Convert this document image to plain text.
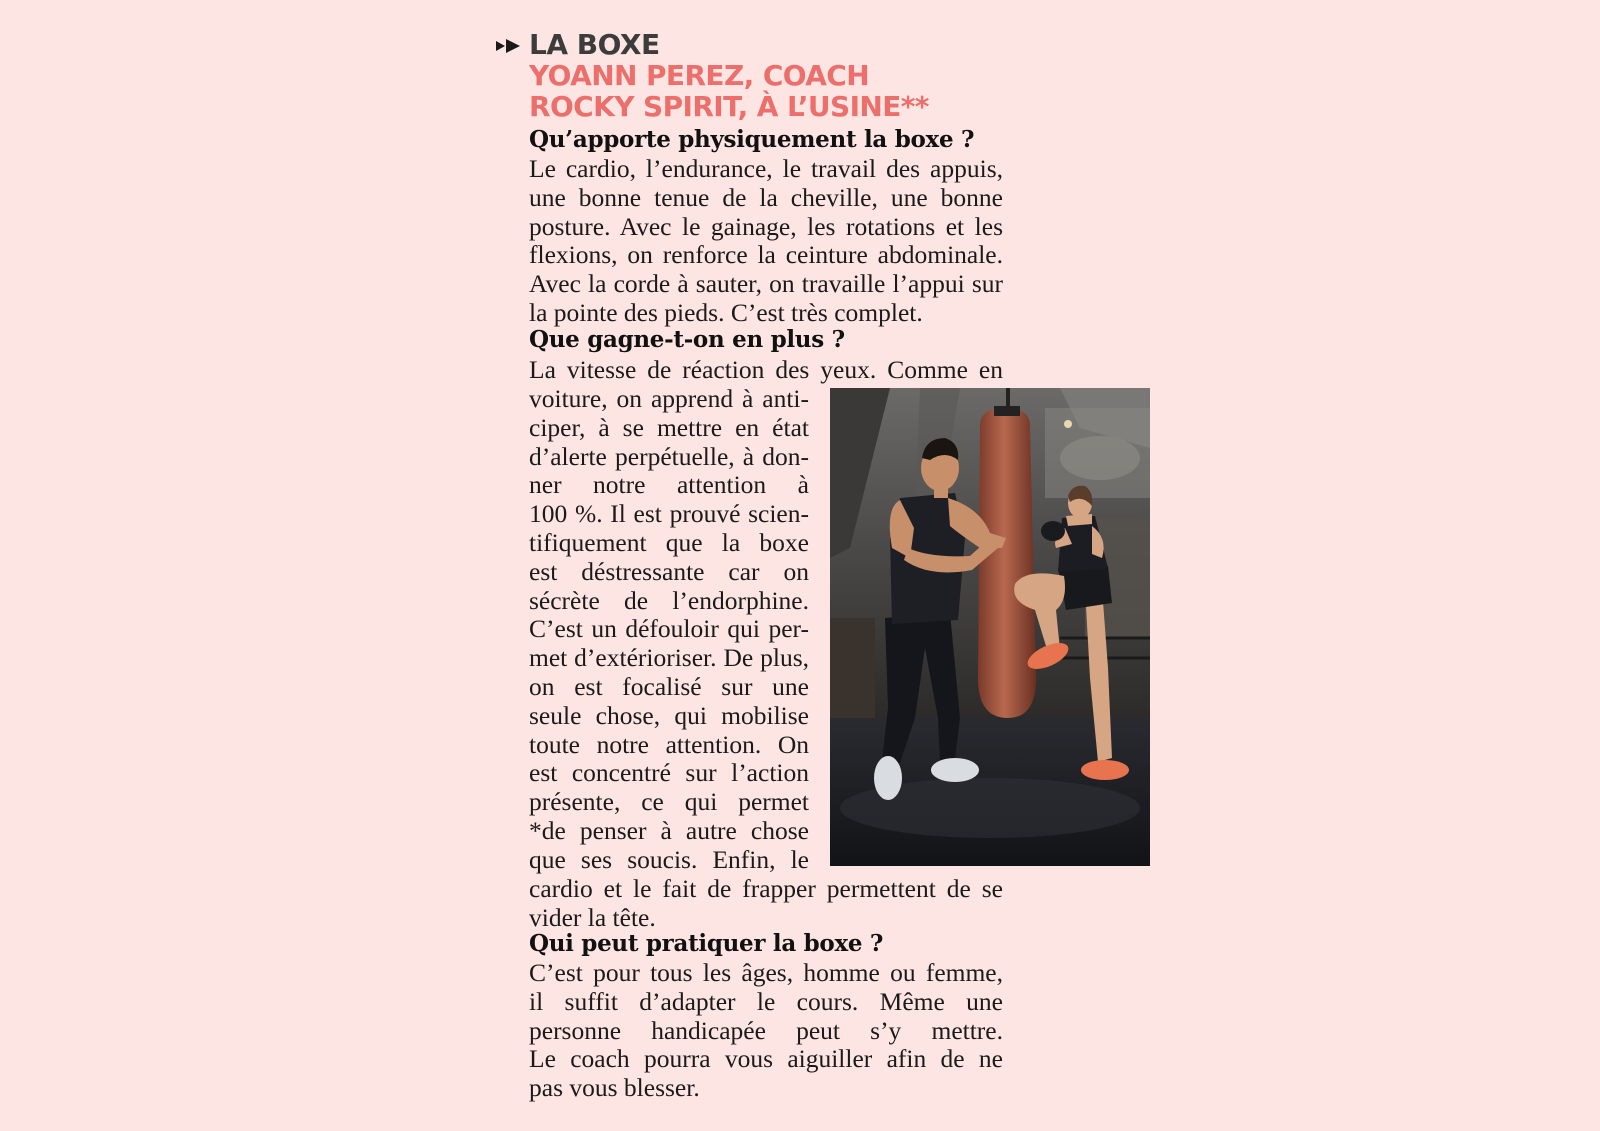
LA BOXE
YOANN PEREZ, COACH
ROCKY SPIRIT, À L’USINE**
Qu’apporte physiquement la boxe ?
Le cardio, l’endurance, le travail des appuis,
une bonne tenue de la cheville, une bonne
posture. Avec le gainage, les rotations et les
flexions, on renforce la ceinture abdominale.
Avec la corde à sauter, on travaille l’appui sur
la pointe des pieds. C’est très complet.
Que gagne-t-on en plus ?
La vitesse de réaction des yeux. Comme en
voiture, on apprend à anti-
ciper, à se mettre en état
d’alerte perpétuelle, à don-
ner notre attention à
100 %. Il est prouvé scien-
tifiquement que la boxe
est déstressante car on
sécrète de l’endorphine.
C’est un défouloir qui per-
met d’extérioriser. De plus,
on est focalisé sur une
seule chose, qui mobilise
toute notre attention. On
est concentré sur l’action
présente, ce qui permet
*de penser à autre chose
que ses soucis. Enfin, le
cardio et le fait de frapper permettent de se
vider la tête.
Qui peut pratiquer la boxe ?
C’est pour tous les âges, homme ou femme,
il suffit d’adapter le cours. Même une
personne handicapée peut s’y mettre.
Le coach pourra vous aiguiller afin de ne
pas vous blesser.
